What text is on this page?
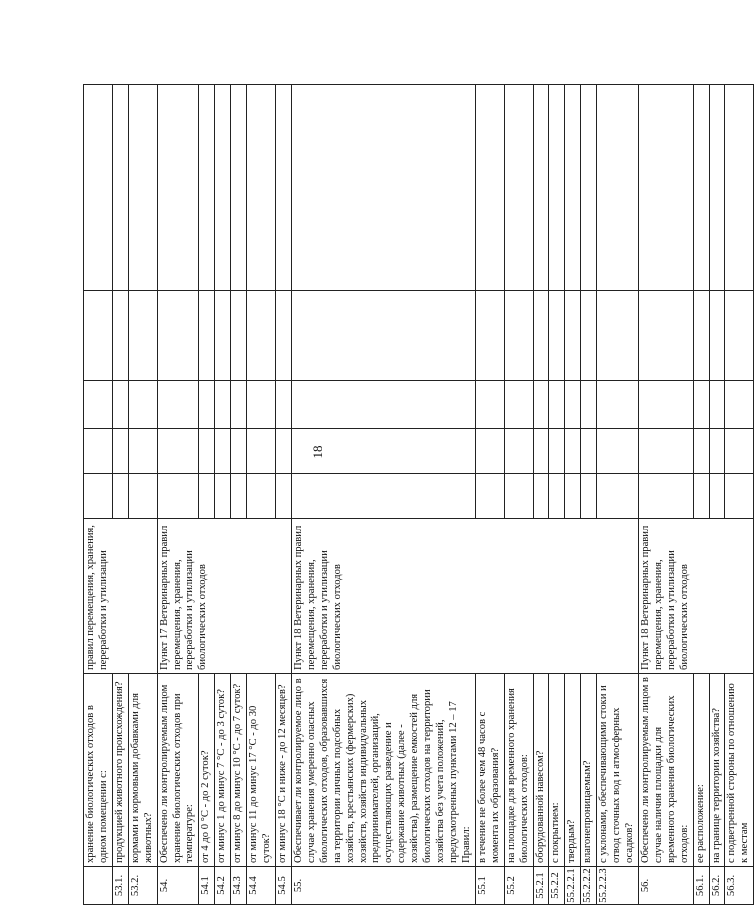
18
	хранение биологических отходов в одном помещении с:	правил перемещения, хранения, переработки и утилизации					
53.1.	продукцией животного происхождения?						
53.2.	кормами и кормовыми добавками для животных?						
54.	Обеспечено ли контролируемым лицом хранение биологических отходов при температуре:	Пункт 17 Ветеринарных правил перемещения, хранения, переработки и утилизации биологических отходов					
54.1	от 4 до 0 °С - до 2 суток?						
54.2	от минус 1 до минус 7 °С - до 3 суток?						
54.3	от минус 8 до минус 10 °С - до 7 суток?						
54.4	от минус 11 до минус 17 °С - до 30 суток?						
54.5	от минус 18 °С и ниже - до 12 месяцев?						
55.	Обеспечивает ли контролируемое лицо в случае хранения умеренно опасных биологических отходов, образовавшихся на территории личных подсобных хозяйств, крестьянских (фермерских) хозяйств, хозяйств индивидуальных предпринимателей, организаций, осуществляющих разведение и содержание животных (далее - хозяйства), размещение емкостей для биологических отходов на территории хозяйства без учета положений, предусмотренных пунктами 12 – 17 Правил:	Пункт 18 Ветеринарных правил перемещения, хранения, переработки и утилизации биологических отходов					
55.1	в течение не более чем 48 часов с момента их образования?						
55.2	на площадке для временного хранения биологических отходов:						
55.2.1	оборудованной навесом?						
55.2.2	с покрытием:						
55.2.2.1	твердым?						
55.2.2.2	влагонепроницаемым?						
55.2.2.3	с уклонами, обеспечивающими стоки и отвод сточных вод и атмосферных осадков?						
56.	Обеспечено ли контролируемым лицом в случае наличия площадки для временного хранения биологических отходов:	Пункт 18 Ветеринарных правил перемещения, хранения, переработки и утилизации биологических отходов					
56.1.	ее расположение:						
56.2.	на границе территории хозяйства?						
56.3.	с подветренной стороны по отношению к местам						
